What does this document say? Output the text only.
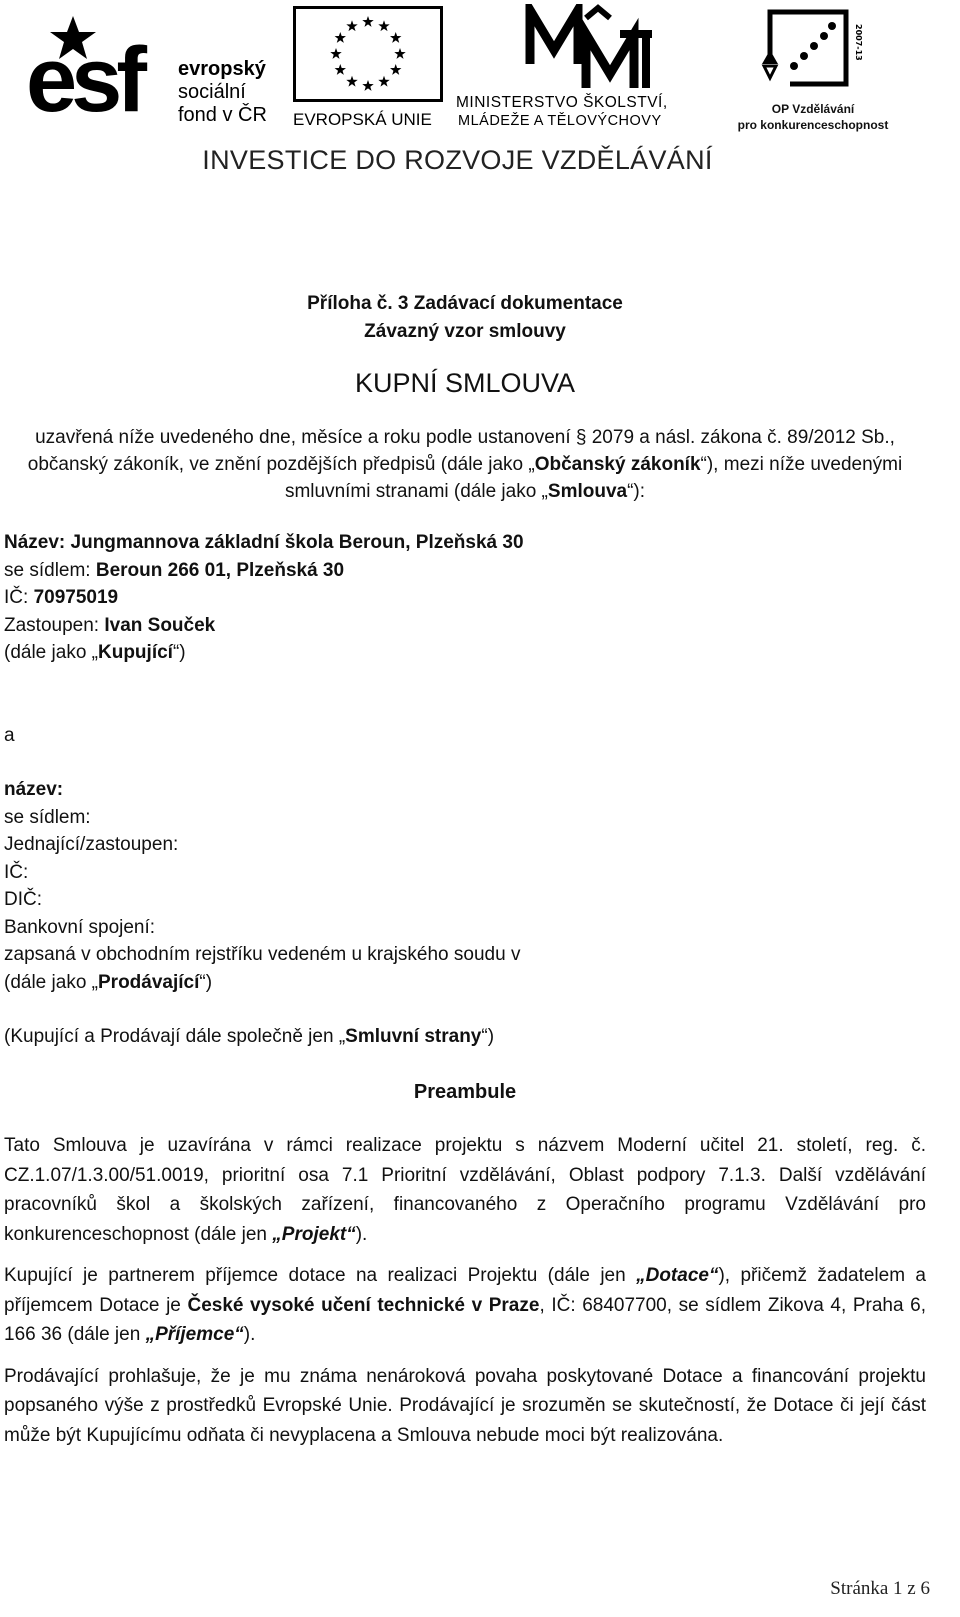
esf evropský
sociální
fond v ČR EVROPSKÁ UNIE
MINISTERSTVO ŠKOLSTVÍ,
MLÁDEŽE A TĚLOVÝCHOVY
2007-13
OP Vzdělávání
pro konkurenceschopnost
INVESTICE DO ROZVOJE VZDĚLÁVÁNÍ
Příloha č. 3 Zadávací dokumentace
Závazný vzor smlouvy
KUPNÍ SMLOUVA

uzavřená níže uvedeného dne, měsíce a roku podle ustanovení § 2079 a násl. zákona č. 89/2012 Sb., občanský zákoník, ve znění pozdějších předpisů (dále jako „Občanský zákoník“), mezi níže uvedenými smluvními stranami (dále jako „Smlouva“):

Název: Jungmannova základní škola Beroun, Plzeňská 30
se sídlem: Beroun 266 01, Plzeňská 30
IČ: 70975019
Zastoupen: Ivan Souček
(dále jako „Kupující“)
a
název:
se sídlem:
Jednající/zastoupen:
IČ:
DIČ:
Bankovní spojení:
zapsaná v obchodním rejstříku vedeném u krajského soudu v
(dále jako „Prodávající“)
(Kupující a Prodávají dále společně jen „Smluvní strany“)
Preambule

Tato Smlouva je uzavírána v rámci realizace projektu s názvem Moderní učitel 21. století, reg. č. CZ.1.07/1.3.00/51.0019, prioritní osa 7.1 Prioritní vzdělávání, Oblast podpory 7.1.3. Další vzdělávání pracovníků škol a školských zařízení, financovaného z Operačního programu Vzdělávání pro konkurenceschopnost (dále jen „Projekt“).

Kupující je partnerem příjemce dotace na realizaci Projektu (dále jen „Dotace“), přičemž žadatelem a příjemcem Dotace je České vysoké učení technické v Praze, IČ: 68407700, se sídlem Zikova 4, Praha 6, 166 36 (dále jen „Příjemce“).

Prodávající prohlašuje, že je mu známa nenároková povaha poskytované Dotace a financování projektu popsaného výše z prostředků Evropské Unie. Prodávající je srozuměn se skutečností, že Dotace či její část může být Kupujícímu odňata či nevyplacena a Smlouva nebude moci být realizována.

Stránka 1 z 6
